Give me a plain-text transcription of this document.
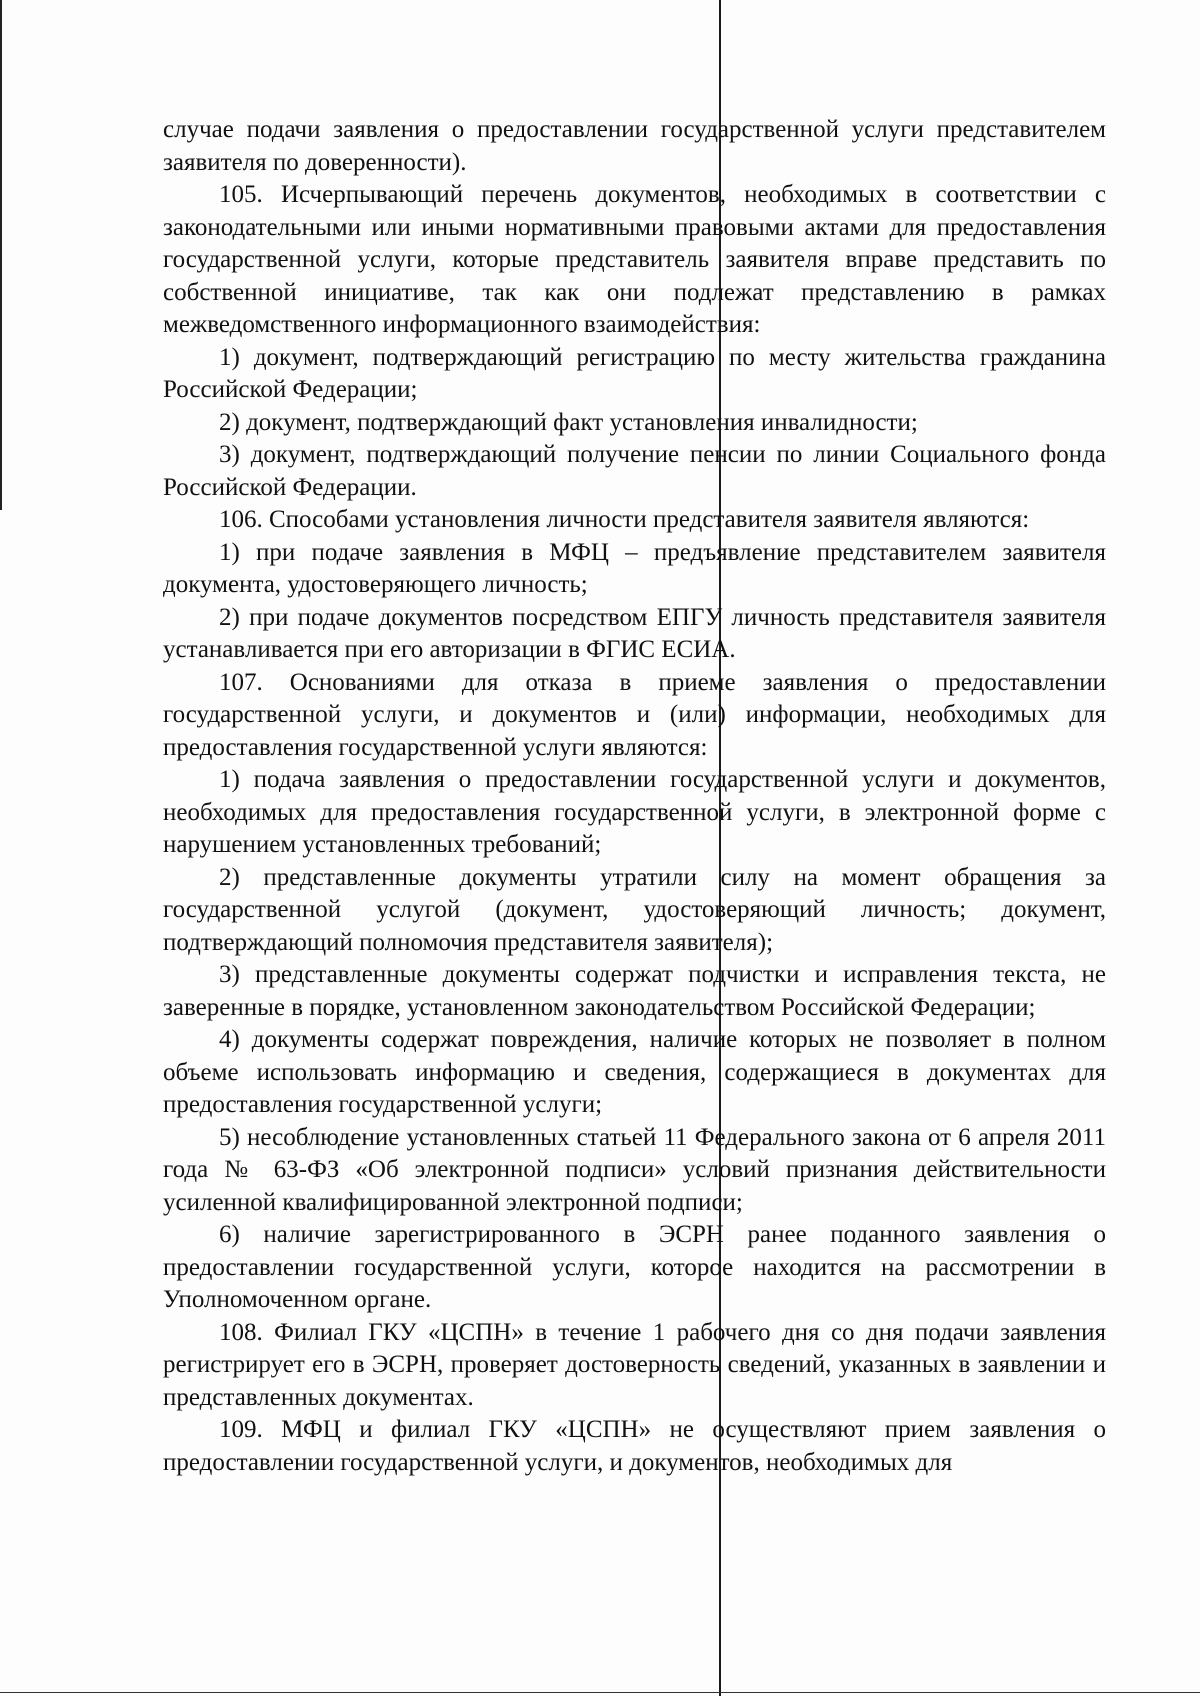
случае подачи заявления о предоставлении государственной услуги представителем заявителя по доверенности).

105. Исчерпывающий перечень документов, необходимых в соответствии с законодательными или иными нормативными правовыми актами для предоставления государственной услуги, которые представитель заявителя вправе представить по собственной инициативе, так как они подлежат представлению в рамках межведомственного информационного взаимодействия:

1) документ, подтверждающий регистрацию по месту жительства гражданина Российской Федерации;

2) документ, подтверждающий факт установления инвалидности;

3) документ, подтверждающий получение пенсии по линии Социального фонда Российской Федерации.

106. Способами установления личности представителя заявителя являются:

1) при подаче заявления в МФЦ – предъявление представителем заявителя документа, удостоверяющего личность;

2) при подаче документов посредством ЕПГУ личность представителя заявителя устанавливается при его авторизации в ФГИС ЕСИА.

107. Основаниями для отказа в приеме заявления о предоставлении государственной услуги, и документов и (или) информации, необходимых для предоставления государственной услуги являются:

1) подача заявления о предоставлении государственной услуги и документов, необходимых для предоставления государственной услуги, в электронной форме с нарушением установленных требований;

2) представленные документы утратили силу на момент обращения за государственной услугой (документ, удостоверяющий личность; документ, подтверждающий полномочия представителя заявителя);

3) представленные документы содержат подчистки и исправления текста, не заверенные в порядке, установленном законодательством Российской Федерации;

4) документы содержат повреждения, наличие которых не позволяет в полном объеме использовать информацию и сведения, содержащиеся в документах для предоставления государственной услуги;

5) несоблюдение установленных статьей 11 Федерального закона от 6 апреля 2011 года № 63-ФЗ «Об электронной подписи» условий признания действительности усиленной квалифицированной электронной подписи;

6) наличие зарегистрированного в ЭСРН ранее поданного заявления о предоставлении государственной услуги, которое находится на рассмотрении в Уполномоченном органе.

108. Филиал ГКУ «ЦСПН» в течение 1 рабочего дня со дня подачи заявления регистрирует его в ЭСРН, проверяет достоверность сведений, указанных в заявлении и представленных документах.

109. МФЦ и филиал ГКУ «ЦСПН» не осуществляют прием заявления о предоставлении государственной услуги, и документов, необходимых для
